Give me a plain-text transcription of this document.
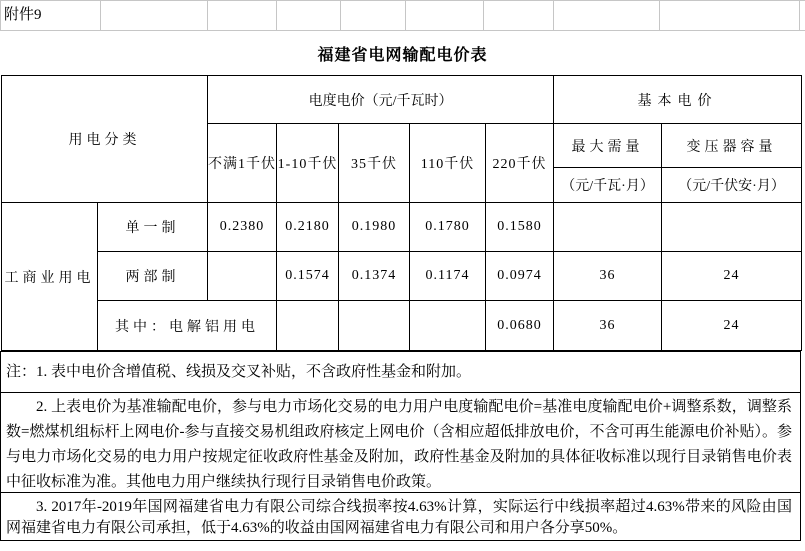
附件9
福建省电网输配电价表
用电分类		电度电价（元/千瓦时）					基本电价	
		不满1千伏	1-10千伏	35千伏	110千伏	220千伏	最大需量	变压器容量
							（元/千瓦·月）	（元/千伏安·月）
工商业用电	单一制	0.2380	0.2180	0.1980	0.1780	0.1580		
	两部制		0.1574	0.1374	0.1174	0.0974	36	24
	其中：电解铝用电					0.0680	36	24

注：1. 表中电价含增值税、线损及交叉补贴，不含政府性基金和附加。

2. 上表电价为基准输配电价，参与电力市场化交易的电力用户电度输配电价=基准电度输配电价+调整系数，调整系数=燃煤机组标杆上网电价-参与直接交易机组政府核定上网电价（含相应超低排放电价，不含可再生能源电价补贴）。参与电力市场化交易的电力用户按规定征收政府性基金及附加，政府性基金及附加的具体征收标准以现行目录销售电价表中征收标准为准。其他电力用户继续执行现行目录销售电价政策。

3. 2017年-2019年国网福建省电力有限公司综合线损率按4.63%计算，实际运行中线损率超过4.63%带来的风险由国网福建省电力有限公司承担，低于4.63%的收益由国网福建省电力有限公司和用户各分享50%。
